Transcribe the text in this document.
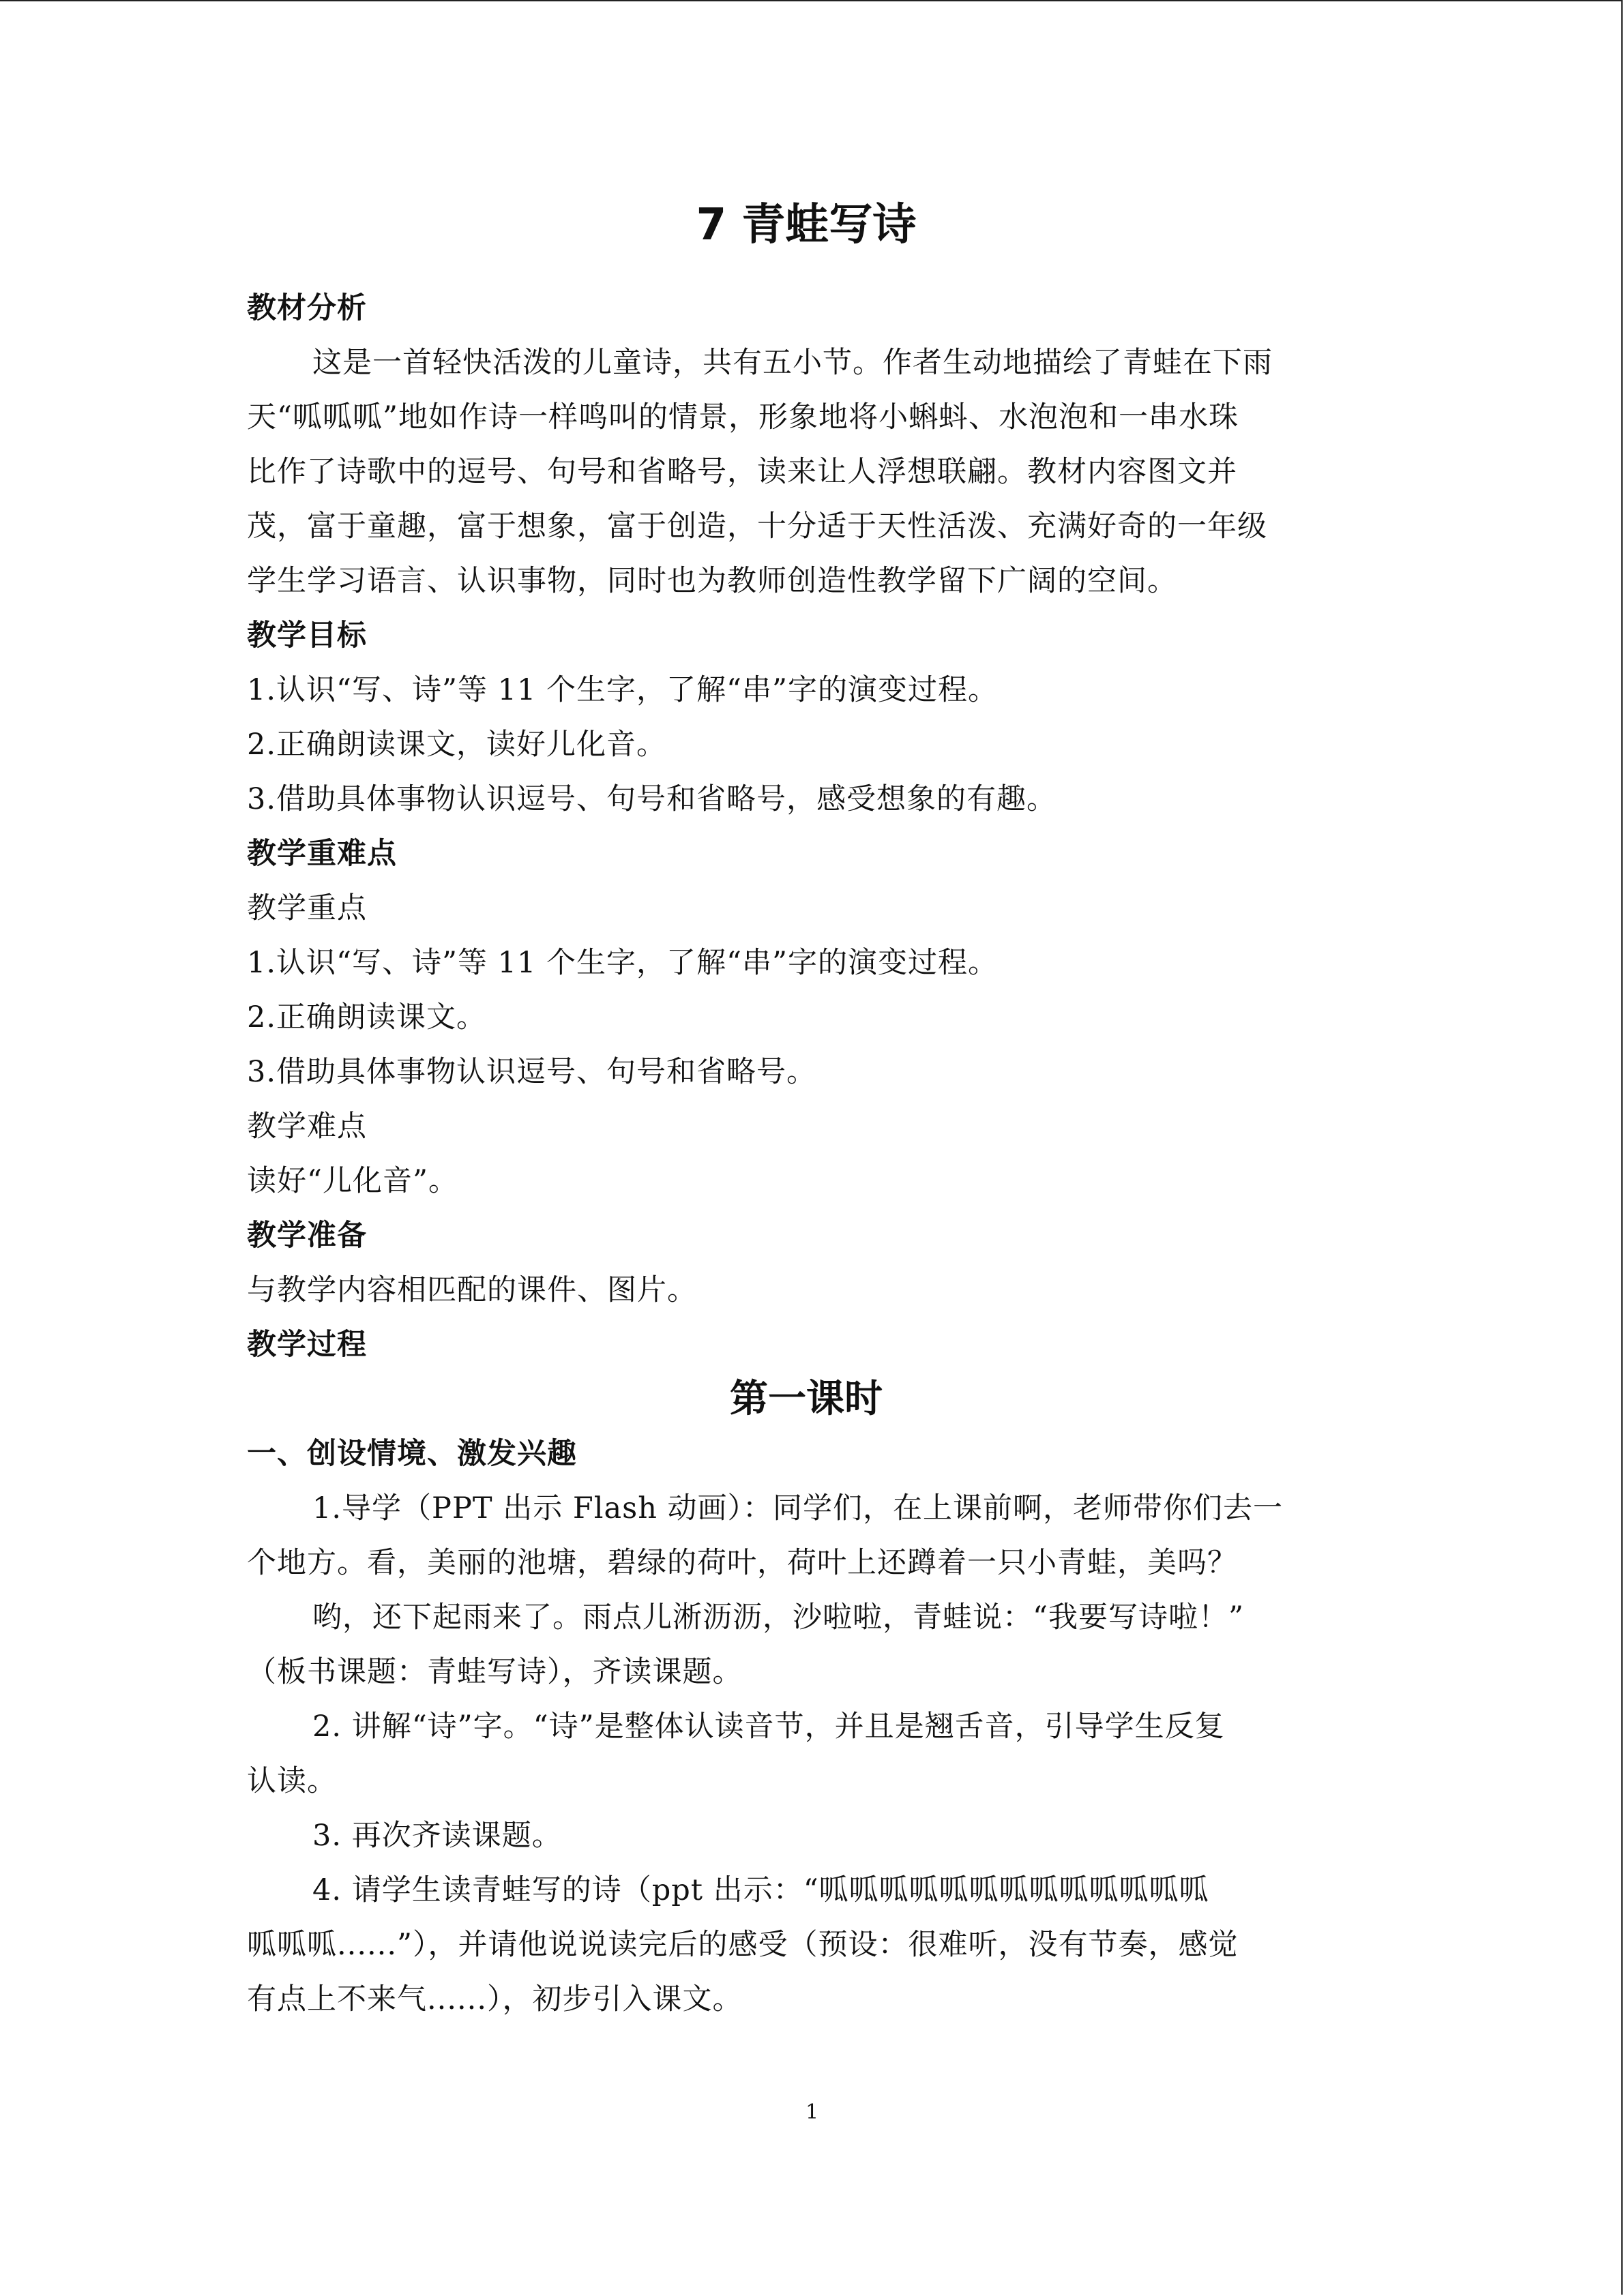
7 青蛙写诗
教材分析
这是一首轻快活泼的儿童诗，共有五小节。作者生动地描绘了青蛙在下雨
天“呱呱呱”地如作诗一样鸣叫的情景，形象地将小蝌蚪、水泡泡和一串水珠
比作了诗歌中的逗号、句号和省略号，读来让人浮想联翩。教材内容图文并
茂，富于童趣，富于想象，富于创造，十分适于天性活泼、充满好奇的一年级
学生学习语言、认识事物，同时也为教师创造性教学留下广阔的空间。
教学目标
1.认识“写、诗”等 11 个生字，了解“串”字的演变过程。
2.正确朗读课文，读好儿化音。
3.借助具体事物认识逗号、句号和省略号，感受想象的有趣。
教学重难点
教学重点
1.认识“写、诗”等 11 个生字，了解“串”字的演变过程。
2.正确朗读课文。
3.借助具体事物认识逗号、句号和省略号。
教学难点
读好“儿化音”。
教学准备
与教学内容相匹配的课件、图片。
教学过程
第一课时
一、创设情境、激发兴趣
1.导学（PPT 出示 Flash 动画）：同学们，在上课前啊，老师带你们去一
个地方。看，美丽的池塘，碧绿的荷叶，荷叶上还蹲着一只小青蛙，美吗？
哟，还下起雨来了。雨点儿淅沥沥，沙啦啦，青蛙说：“我要写诗啦！”
（板书课题：青蛙写诗），齐读课题。
2. 讲解“诗”字。“诗”是整体认读音节，并且是翘舌音，引导学生反复
认读。
3. 再次齐读课题。
4. 请学生读青蛙写的诗（ppt 出示：“呱呱呱呱呱呱呱呱呱呱呱呱呱
呱呱呱......”），并请他说说读完后的感受（预设：很难听，没有节奏，感觉
有点上不来气......），初步引入课文。
1
